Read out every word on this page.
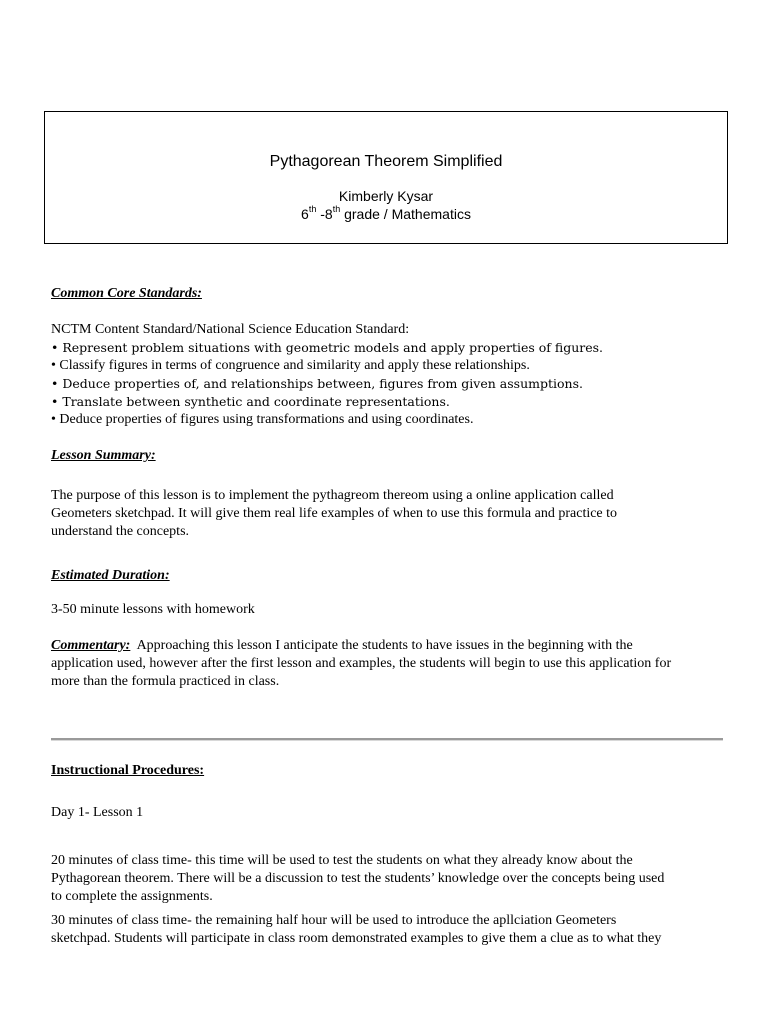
Pythagorean Theorem Simplified
Kimberly Kysar
6th -8th grade / Mathematics
Common Core Standards:
NCTM Content Standard/National Science Education Standard:
• Represent problem situations with geometric models and apply properties of figures.
• Classify figures in terms of congruence and similarity and apply these relationships.
• Deduce properties of, and relationships between, figures from given assumptions.
• Translate between synthetic and coordinate representations.
• Deduce properties of figures using transformations and using coordinates.
Lesson Summary:
The purpose of this lesson is to implement the pythagreom thereom using a online application called
Geometers sketchpad. It will give them real life examples of when to use this formula and practice to
understand the concepts.
Estimated Duration:
3-50 minute lessons with homework
Commentary:  Approaching this lesson I anticipate the students to have issues in the beginning with the
application used, however after the first lesson and examples, the students will begin to use this application for
more than the formula practiced in class.
Instructional Procedures:
Day 1- Lesson 1
20 minutes of class time- this time will be used to test the students on what they already know about the
Pythagorean theorem. There will be a discussion to test the students’ knowledge over the concepts being used
to complete the assignments.
30 minutes of class time- the remaining half hour will be used to introduce the apllciation Geometers
sketchpad. Students will participate in class room demonstrated examples to give them a clue as to what they
